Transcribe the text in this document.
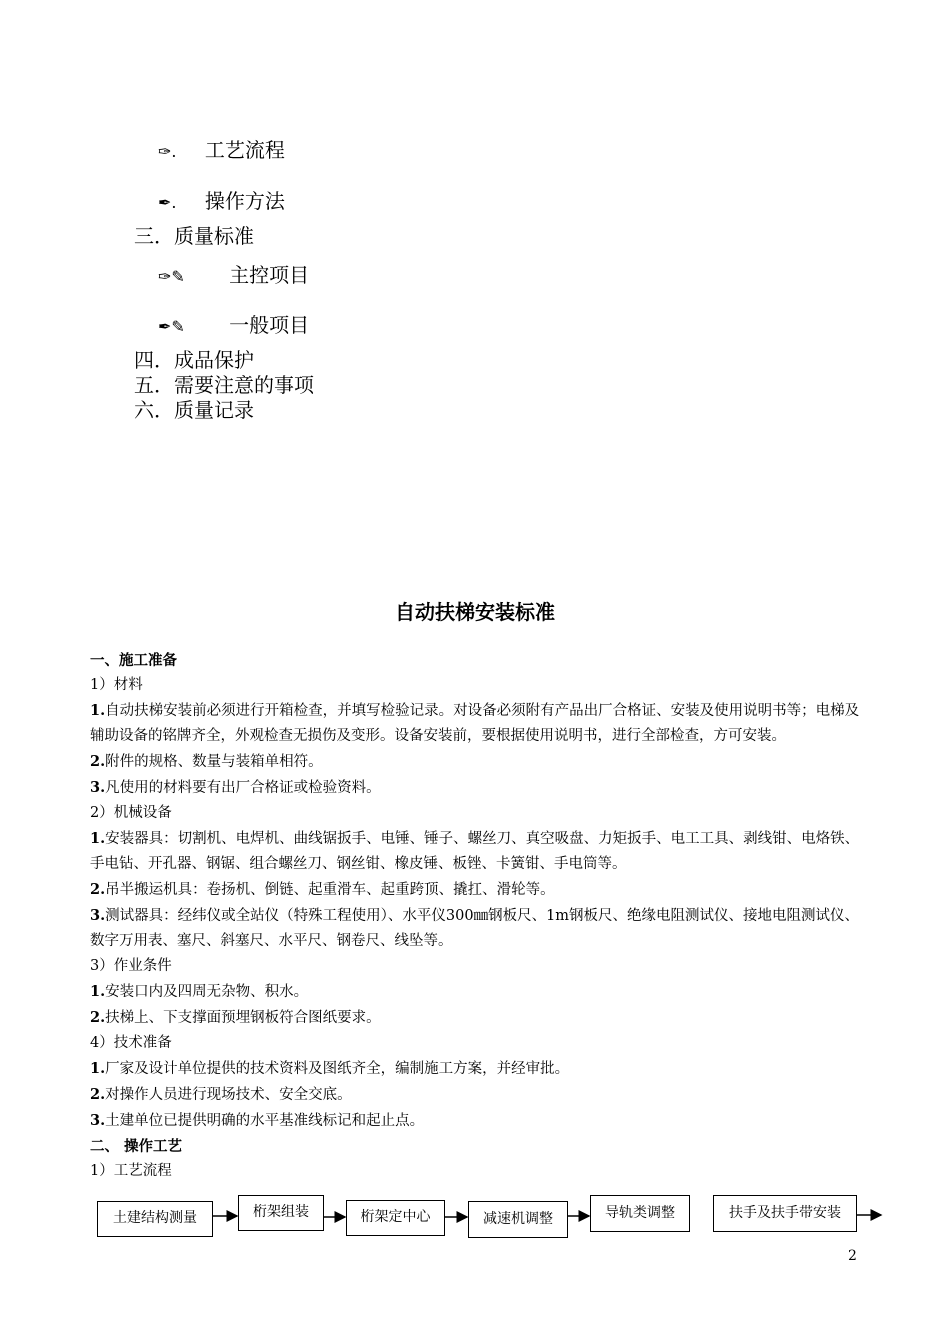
✑. 工艺流程
✒. 操作方法
三．质量标准
✑✎ 主控项目
✒✎ 一般项目
四．成品保护
五．需要注意的事项
六．质量记录
自动扶梯安装标准

一、施工准备

1）材料

1.自动扶梯安装前必须进行开箱检查，并填写检验记录。对设备必须附有产品出厂合格证、安装及使用说明书等；电梯及辅助设备的铭牌齐全，外观检查无损伤及变形。设备安装前，要根据使用说明书，进行全部检查，方可安装。

2.附件的规格、数量与装箱单相符。

3.凡使用的材料要有出厂合格证或检验资料。

2）机械设备

1.安装器具：切割机、电焊机、曲线锯扳手、电锤、锤子、螺丝刀、真空吸盘、力矩扳手、电工工具、剥线钳、电烙铁、手电钻、开孔器、钢锯、组合螺丝刀、钢丝钳、橡皮锤、板锉、卡簧钳、手电筒等。

2.吊半搬运机具：卷扬机、倒链、起重滑车、起重跨顶、撬扛、滑轮等。

3.测试器具：经纬仪或全站仪（特殊工程使用）、水平仪300㎜钢板尺、1m钢板尺、绝缘电阻测试仪、接地电阻测试仪、数字万用表、塞尺、斜塞尺、水平尺、钢卷尺、线坠等。

3）作业条件

1.安装口内及四周无杂物、积水。

2.扶梯上、下支撑面预埋钢板符合图纸要求。

4）技术准备

1.厂家及设计单位提供的技术资料及图纸齐全，编制施工方案，并经审批。

2.对操作人员进行现场技术、安全交底。

3.土建单位已提供明确的水平基准线标记和起止点。

二、 操作工艺

1）工艺流程

土建结构测量	桁架组装	桁架定中心	减速机调整	导轨类调整	扶手及扶手带安装
2
